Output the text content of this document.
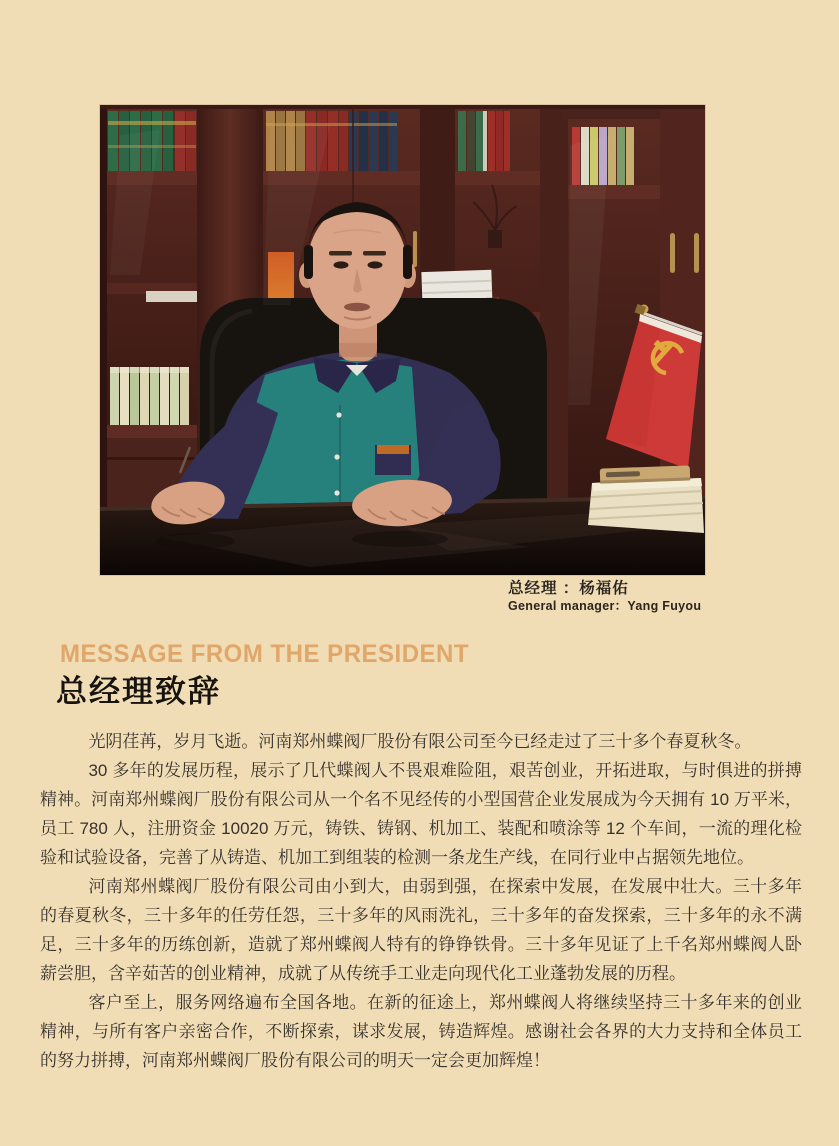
总经理 ：杨福佑
General manager：Yang Fuyou
MESSAGE FROM THE PRESIDENT
总经理致辞

光阴荏苒，岁月飞逝。河南郑州蝶阀厂股份有限公司至今已经走过了三十多个春夏秋冬。

30 多年的发展历程，展示了几代蝶阀人不畏艰难险阻，艰苦创业，开拓进取，与时俱进的拼搏精神。河南郑州蝶阀厂股份有限公司从一个名不见经传的小型国营企业发展成为今天拥有 10 万平米，员工 780 人，注册资金 10020 万元，铸铁、铸钢、机加工、装配和喷涂等 12 个车间，一流的理化检验和试验设备，完善了从铸造、机加工到组装的检测一条龙生产线，在同行业中占据领先地位。

河南郑州蝶阀厂股份有限公司由小到大，由弱到强，在探索中发展，在发展中壮大。三十多年的春夏秋冬，三十多年的任劳任怨，三十多年的风雨洗礼，三十多年的奋发探索，三十多年的永不满足，三十多年的历练创新，造就了郑州蝶阀人特有的铮铮铁骨。三十多年见证了上千名郑州蝶阀人卧薪尝胆，含辛茹苦的创业精神，成就了从传统手工业走向现代化工业蓬勃发展的历程。

客户至上，服务网络遍布全国各地。在新的征途上，郑州蝶阀人将继续坚持三十多年来的创业精神，与所有客户亲密合作，不断探索，谋求发展，铸造辉煌。感谢社会各界的大力支持和全体员工的努力拼搏，河南郑州蝶阀厂股份有限公司的明天一定会更加辉煌！
